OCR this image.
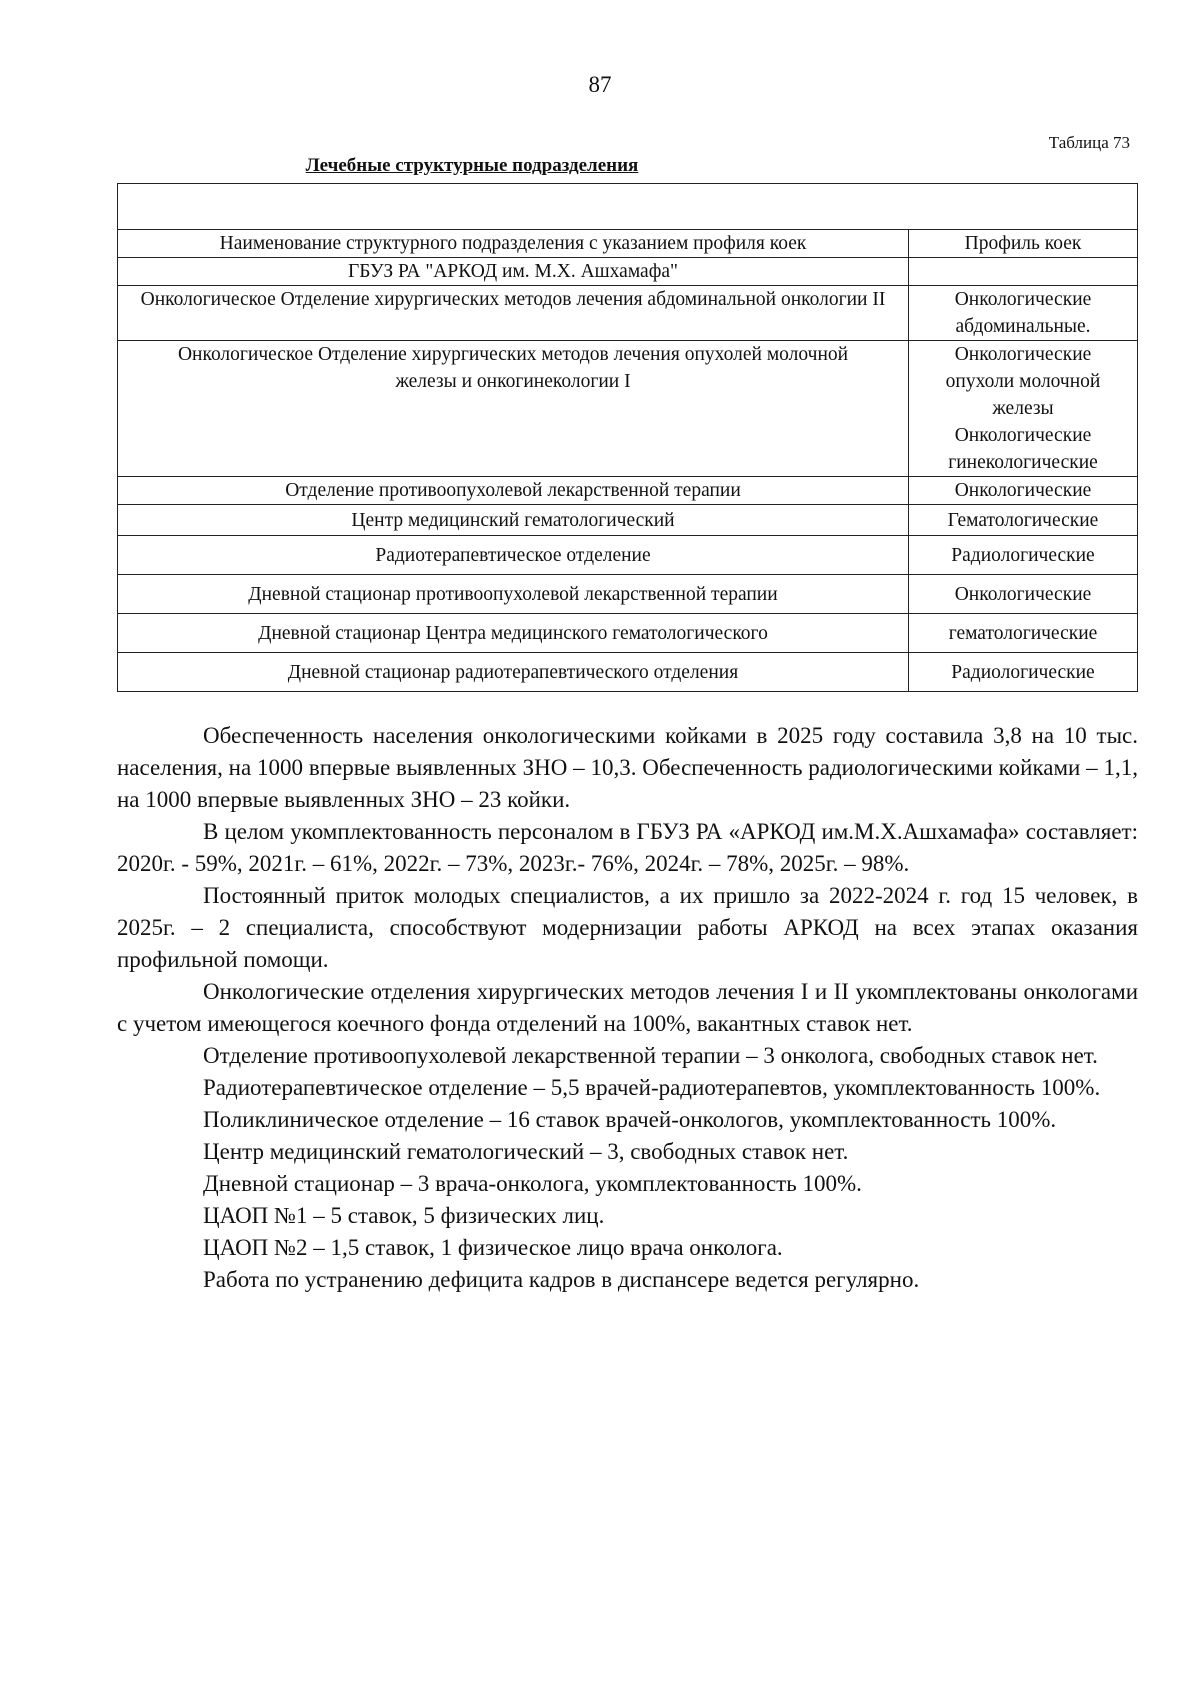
87
Таблица 73
Лечебные структурные подразделения

Наименование структурного подразделения с указанием профиля коек	Профиль коек
ГБУЗ РА "АРКОД им. М.Х. Ашхамафа"	
Онкологическое Отделение хирургических методов лечения абдоминальной онкологии II	Онкологические абдоминальные.
Онкологическое Отделение хирургических методов лечения опухолей молочной железы и онкогинекологии I	Онкологические опухоли молочной железы Онкологические гинекологические
Отделение противоопухолевой лекарственной терапии	Онкологические
Центр медицинский гематологический	Гематологические
Радиотерапевтическое отделение	Радиологические
Дневной стационар противоопухолевой лекарственной терапии	Онкологические
Дневной стационар Центра медицинского гематологического	гематологические
Дневной стационар радиотерапевтического отделения	Радиологические

Обеспеченность населения онкологическими койками в 2025 году составила 3,8 на 10 тыс. населения, на 1000 впервые выявленных ЗНО – 10,3. Обеспеченность радиологическими койками – 1,1, на 1000 впервые выявленных ЗНО – 23 койки.

В целом укомплектованность персоналом в ГБУЗ РА «АРКОД им.М.Х.Ашхамафа» составляет: 2020г. - 59%, 2021г. – 61%, 2022г. – 73%, 2023г.- 76%, 2024г. – 78%, 2025г. – 98%.

Постоянный приток молодых специалистов, а их пришло за 2022-2024 г. год 15 человек, в 2025г. – 2 специалиста, способствуют модернизации работы АРКОД на всех этапах оказания профильной помощи.

Онкологические отделения хирургических методов лечения I и II укомплектованы онкологами с учетом имеющегося коечного фонда отделений на 100%, вакантных ставок нет.

Отделение противоопухолевой лекарственной терапии – 3 онколога, свободных ставок нет.

Радиотерапевтическое отделение – 5,5 врачей-радиотерапевтов, укомплектованность 100%.

Поликлиническое отделение – 16 ставок врачей-онкологов, укомплектованность 100%.

Центр медицинский гематологический – 3, свободных ставок нет.

Дневной стационар – 3 врача-онколога, укомплектованность 100%.

ЦАОП №1 – 5 ставок, 5 физических лиц.

ЦАОП №2 – 1,5 ставок, 1 физическое лицо врача онколога.

Работа по устранению дефицита кадров в диспансере ведется регулярно.
